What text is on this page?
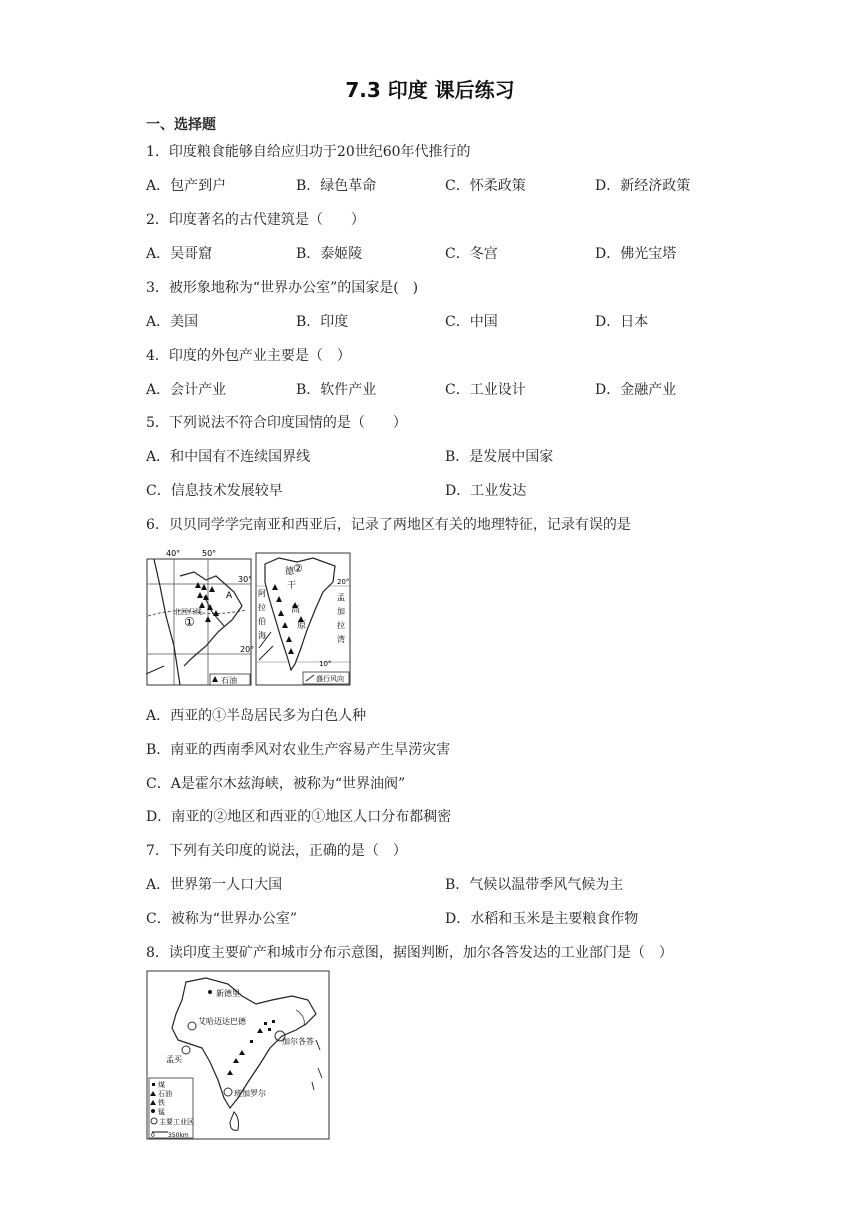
7.3 印度 课后练习
一、选择题
1．印度粮食能够自给应归功于20世纪60年代推行的
A．包产到户	B．绿色革命	C．怀柔政策	D．新经济政策
2．印度著名的古代建筑是（　　）
A．吴哥窟	B．泰姬陵	C．冬宫	D．佛光宝塔
3．被形象地称为“世界办公室”的国家是(　)
A．美国	B．印度	C．中国	D．日本
4．印度的外包产业主要是（　）
A．会计产业	B．软件产业	C．工业设计	D．金融产业
5．下列说法不符合印度国情的是（　　）
A．和中国有不连续国界线	B．是发展中国家
C．信息技术发展较早	D．工业发达
6．贝贝同学学完南亚和西亚后，记录了两地区有关的地理特征，记录有误的是
40°	50°
30°
20°
北回归线
A
①
石油
②
20°
10°
德
干
高
原
阿
拉
伯
海
孟
加
拉
湾
盛行风向
A．西亚的①半岛居民多为白色人种
B．南亚的西南季风对农业生产容易产生旱涝灾害
C．A是霍尔木兹海峡，被称为“世界油阀”
D．南亚的②地区和西亚的①地区人口分布都稠密
7．下列有关印度的说法，正确的是（　）
A．世界第一人口大国	B．气候以温带季风气候为主
C．被称为“世界办公室”	D．水稻和玉米是主要粮食作物
8．读印度主要矿产和城市分布示意图，据图判断，加尔各答发达的工业部门是（　）
新德里
艾哈迈达巴德
加尔各答
孟买
班加罗尔
煤
石油
铁
锰
主要工业区
0 350km
